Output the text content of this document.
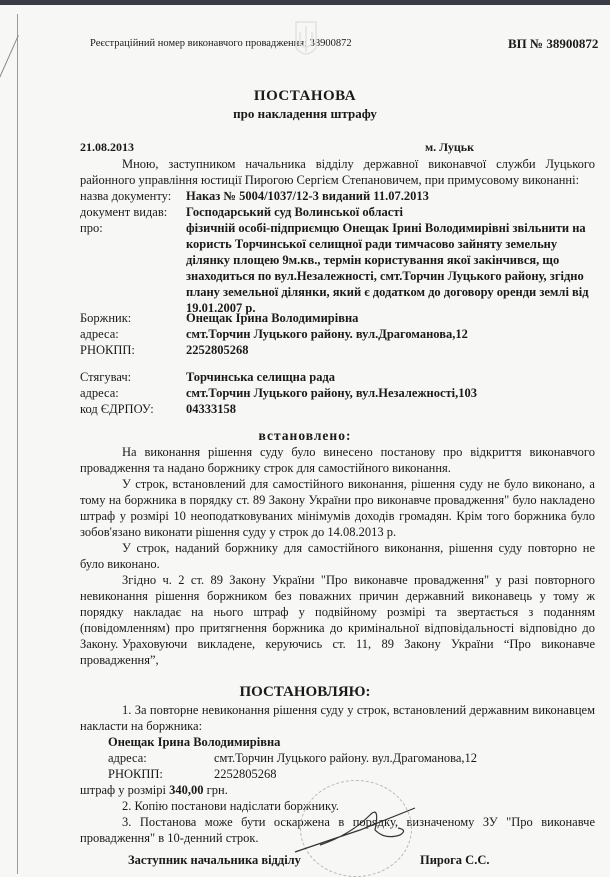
Реєстраційний номер виконавчого провадження: 38900872	ВП № 38900872
ПОСТАНОВА
про накладення штрафу
21.08.2013	м. Луцьк
Мною, заступником начальника відділу державної виконавчої служби Луцького районного управління юстиції Пирогою Сергієм Степановичем, при примусовому виконанні:
назва документу: Наказ № 5004/1037/12-3 виданий 11.07.2013
документ видав: Господарський суд Волинської області
про:	фізичній особі-підприємцю Онещак Ірині Володимирівні звільнити на користь Торчинської селищної ради тимчасово зайняту земельну ділянку площею 9м.кв., термін користування якої закінчився, що знаходиться по вул.Незалежності, смт.Торчин Луцького району, згідно плану земельної ділянки, який є додатком до договору оренди землі від 19.01.2007 р.
Боржник:	Онещак Ірина Володимирівна
адреса:	смт.Торчин Луцького району. вул.Драгоманова,12
РНОКПП:	2252805268
Стягувач:	Торчинська селищна рада
адреса:	смт.Торчин Луцького району, вул.Незалежності,103
код ЄДРПОУ:	04333158
встановлено:
На виконання рішення суду було винесено постанову про відкриття виконавчого провадження та надано боржнику строк для самостійного виконання.
У строк, встановлений для самостійного виконання, рішення суду не було виконано, а тому на боржника в порядку ст. 89 Закону України про виконавче провадження" було накладено штраф у розмірі 10 неоподатковуваних мінімумів доходів громадян. Крім того боржника було зобов'язано виконати рішення суду у строк до 14.08.2013 р.
У строк, наданий боржнику для самостійного виконання, рішення суду повторно не було виконано.
Згідно ч. 2 ст. 89 Закону України "Про виконавче провадження" у разі повторного невиконання рішення боржником без поважних причин державний виконавець у тому ж порядку накладає на нього штраф у подвійному розмірі та звертається з поданням (повідомленням) про притягнення боржника до кримінальної відповідальності відповідно до Закону. Ураховуючи викладене, керуючись ст. 11, 89 Закону України “Про виконавче провадження”,
ПОСТАНОВЛЯЮ:
1. За повторне невиконання рішення суду у строк, встановлений державним виконавцем накласти на боржника:
Онещак Ірина Володимирівна
адреса:	смт.Торчин Луцького району. вул.Драгоманова,12
РНОКПП:	2252805268
штраф у розмірі 340,00 грн.
2. Копію постанови надіслати боржнику.
3. Постанова може бути оскаржена в порядку, визначеному ЗУ "Про виконавче провадження" в 10-денний строк.
Заступник начальника відділу	Пирога С.С.
